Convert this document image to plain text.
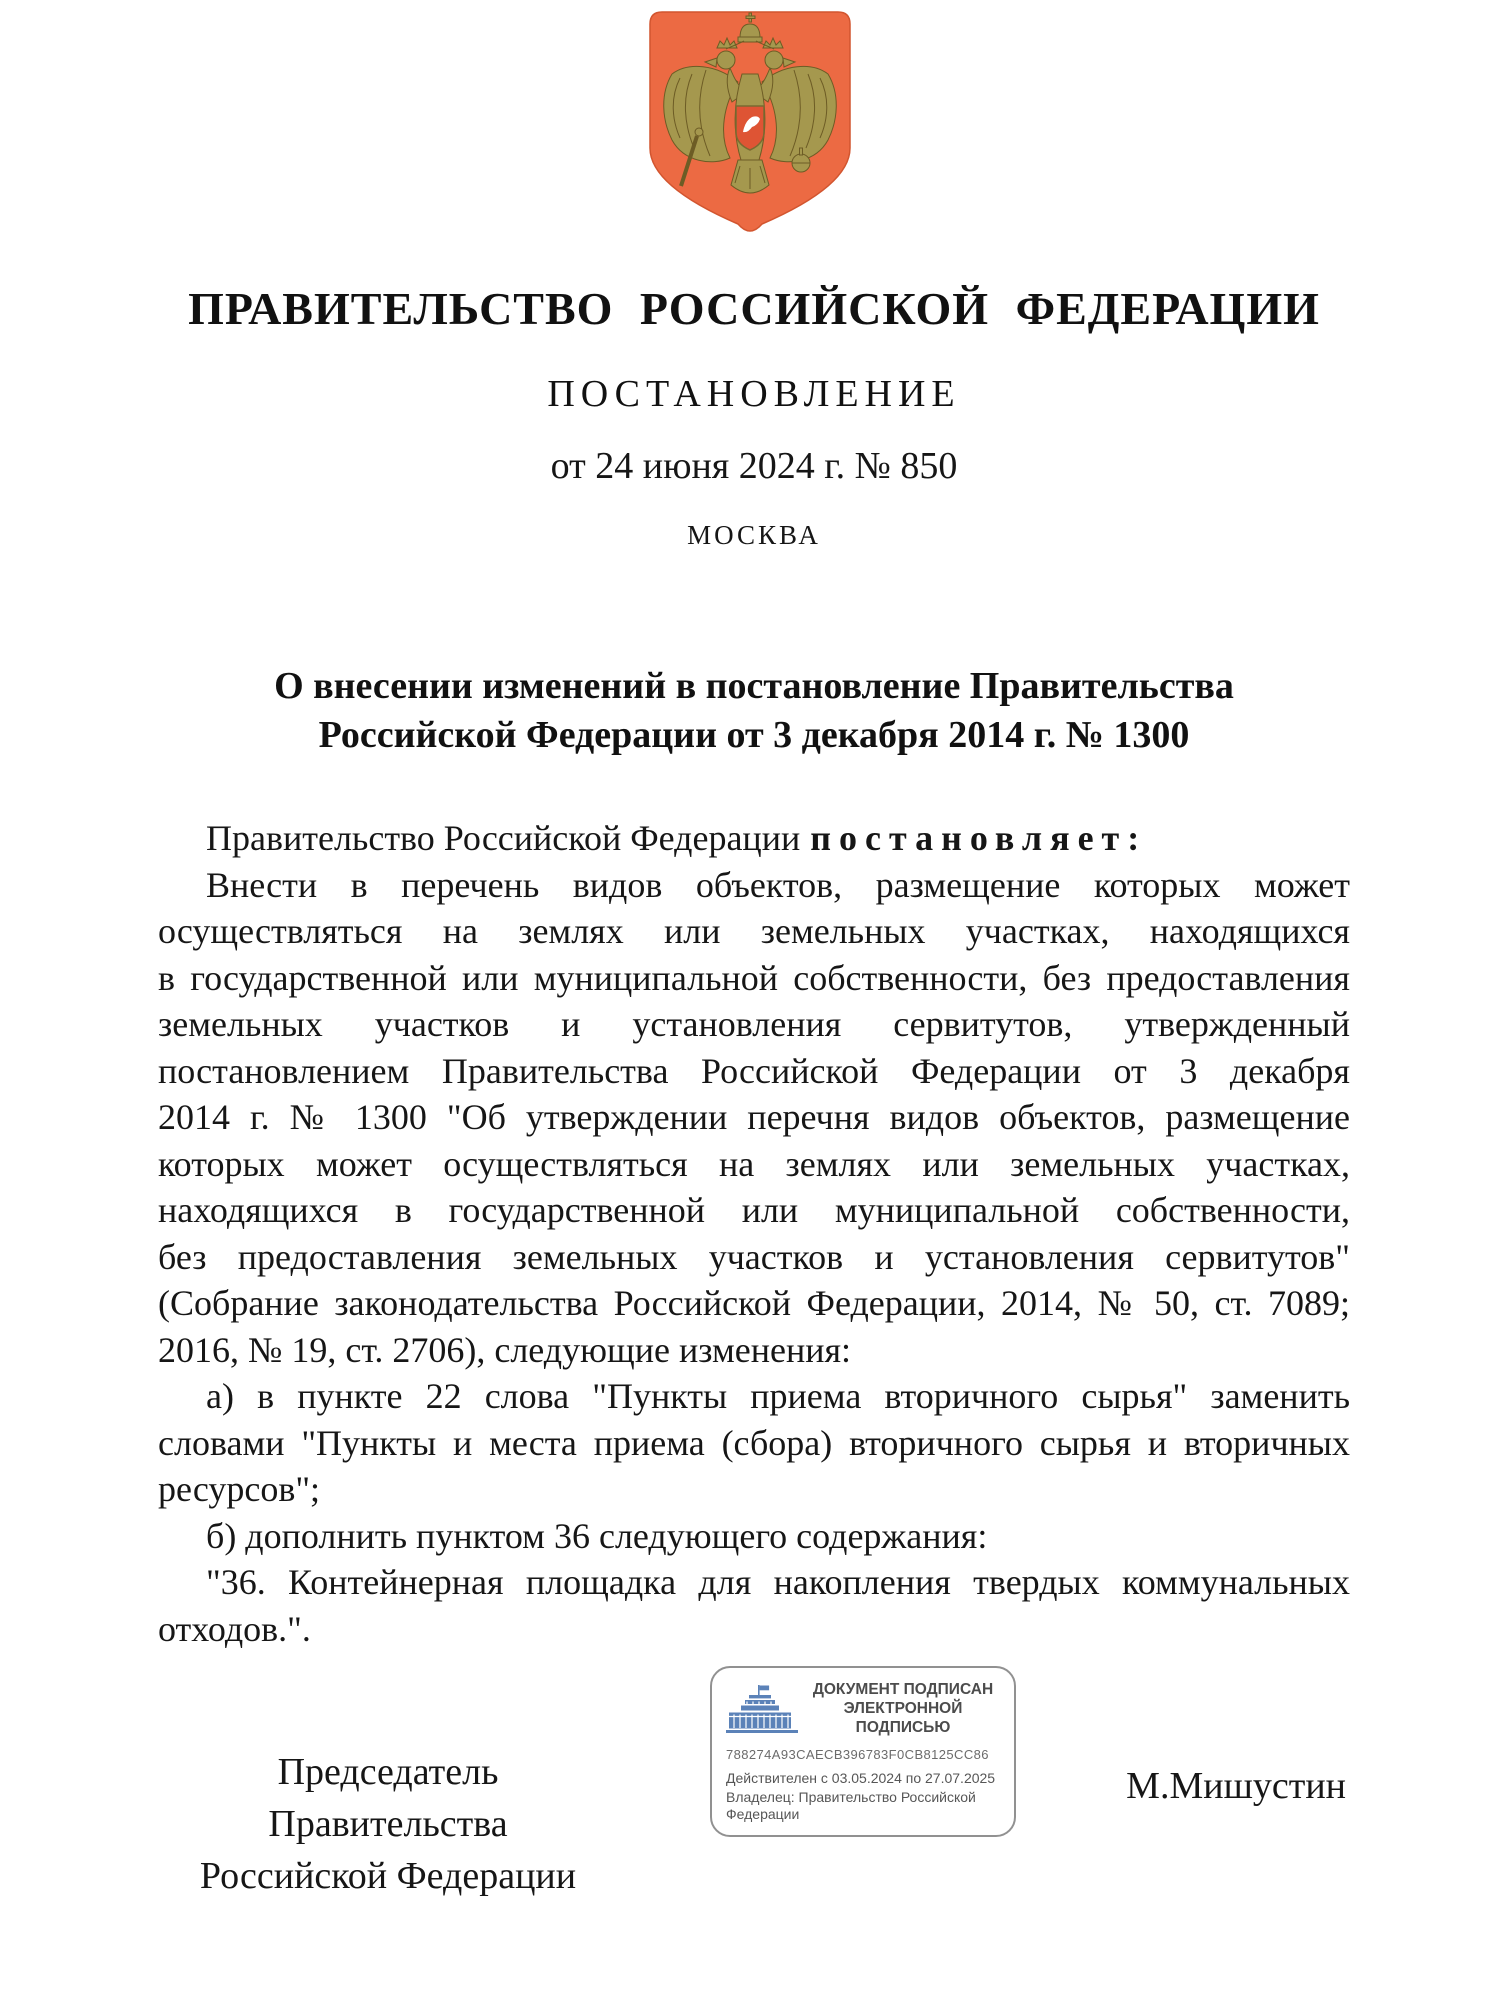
ПРАВИТЕЛЬСТВО РОССИЙСКОЙ ФЕДЕРАЦИИ
ПОСТАНОВЛЕНИЕ
от 24 июня 2024 г. № 850
МОСКВА
О внесении изменений в постановление Правительства
Российской Федерации от 3 декабря 2014 г. № 1300
Правительство Российской Федерации постановляет:
Внести в перечень видов объектов, размещение которых может
осуществляться на землях или земельных участках, находящихся
в государственной или муниципальной собственности, без предоставления
земельных участков и установления сервитутов, утвержденный
постановлением Правительства Российской Федерации от 3 декабря
2014 г. № 1300 "Об утверждении перечня видов объектов, размещение
которых может осуществляться на землях или земельных участках,
находящихся в государственной или муниципальной собственности,
без предоставления земельных участков и установления сервитутов"
(Собрание законодательства Российской Федерации, 2014, № 50, ст. 7089;
2016, № 19, ст. 2706), следующие изменения:
а) в пункте 22 слова "Пункты приема вторичного сырья" заменить
словами "Пункты и места приема (сбора) вторичного сырья и вторичных
ресурсов";
б) дополнить пунктом 36 следующего содержания:
"36. Контейнерная площадка для накопления твердых коммунальных
отходов.".
Председатель Правительства
Российской Федерации
ДОКУМЕНТ ПОДПИСАН
ЭЛЕКТРОННОЙ ПОДПИСЬЮ
788274A93CAECB396783F0CB8125CC86
Действителен с 03.05.2024 по 27.07.2025
Владелец: Правительство Российской
Федерации
М.Мишустин
